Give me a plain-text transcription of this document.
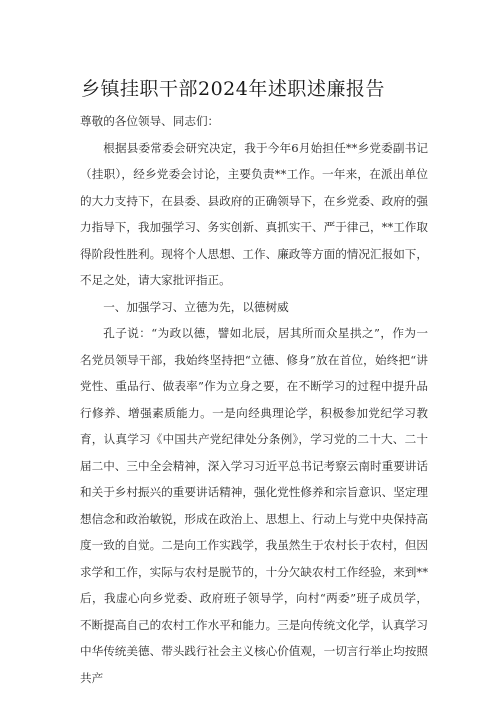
乡镇挂职干部2024年述职述廉报告

尊敬的各位领导、同志们：

根据县委常委会研究决定，我于今年6月始担任**乡党委副书记（挂职），经乡党委会讨论，主要负责**工作。一年来，在派出单位的大力支持下，在县委、县政府的正确领导下，在乡党委、政府的强力指导下，我加强学习、务实创新、真抓实干、严于律己，**工作取得阶段性胜利。现将个人思想、工作、廉政等方面的情况汇报如下，不足之处，请大家批评指正。

一、加强学习、立德为先，以德树威

孔子说：“为政以德，譬如北辰，居其所而众星拱之”，作为一名党员领导干部，我始终坚持把“立德、修身”放在首位，始终把“讲党性、重品行、做表率”作为立身之要，在不断学习的过程中提升品行修养、增强素质能力。一是向经典理论学，积极参加党纪学习教育，认真学习《中国共产党纪律处分条例》，学习党的二十大、二十届二中、三中全会精神，深入学习习近平总书记考察云南时重要讲话和关于乡村振兴的重要讲话精神，强化党性修养和宗旨意识、坚定理想信念和政治敏锐，形成在政治上、思想上、行动上与党中央保持高度一致的自觉。二是向工作实践学，我虽然生于农村长于农村，但因求学和工作，实际与农村是脱节的，十分欠缺农村工作经验，来到**后，我虚心向乡党委、政府班子领导学，向村“两委”班子成员学，不断提高自己的农村工作水平和能力。三是向传统文化学，认真学习中华传统美德、带头践行社会主义核心价值观，一切言行举止均按照共产
